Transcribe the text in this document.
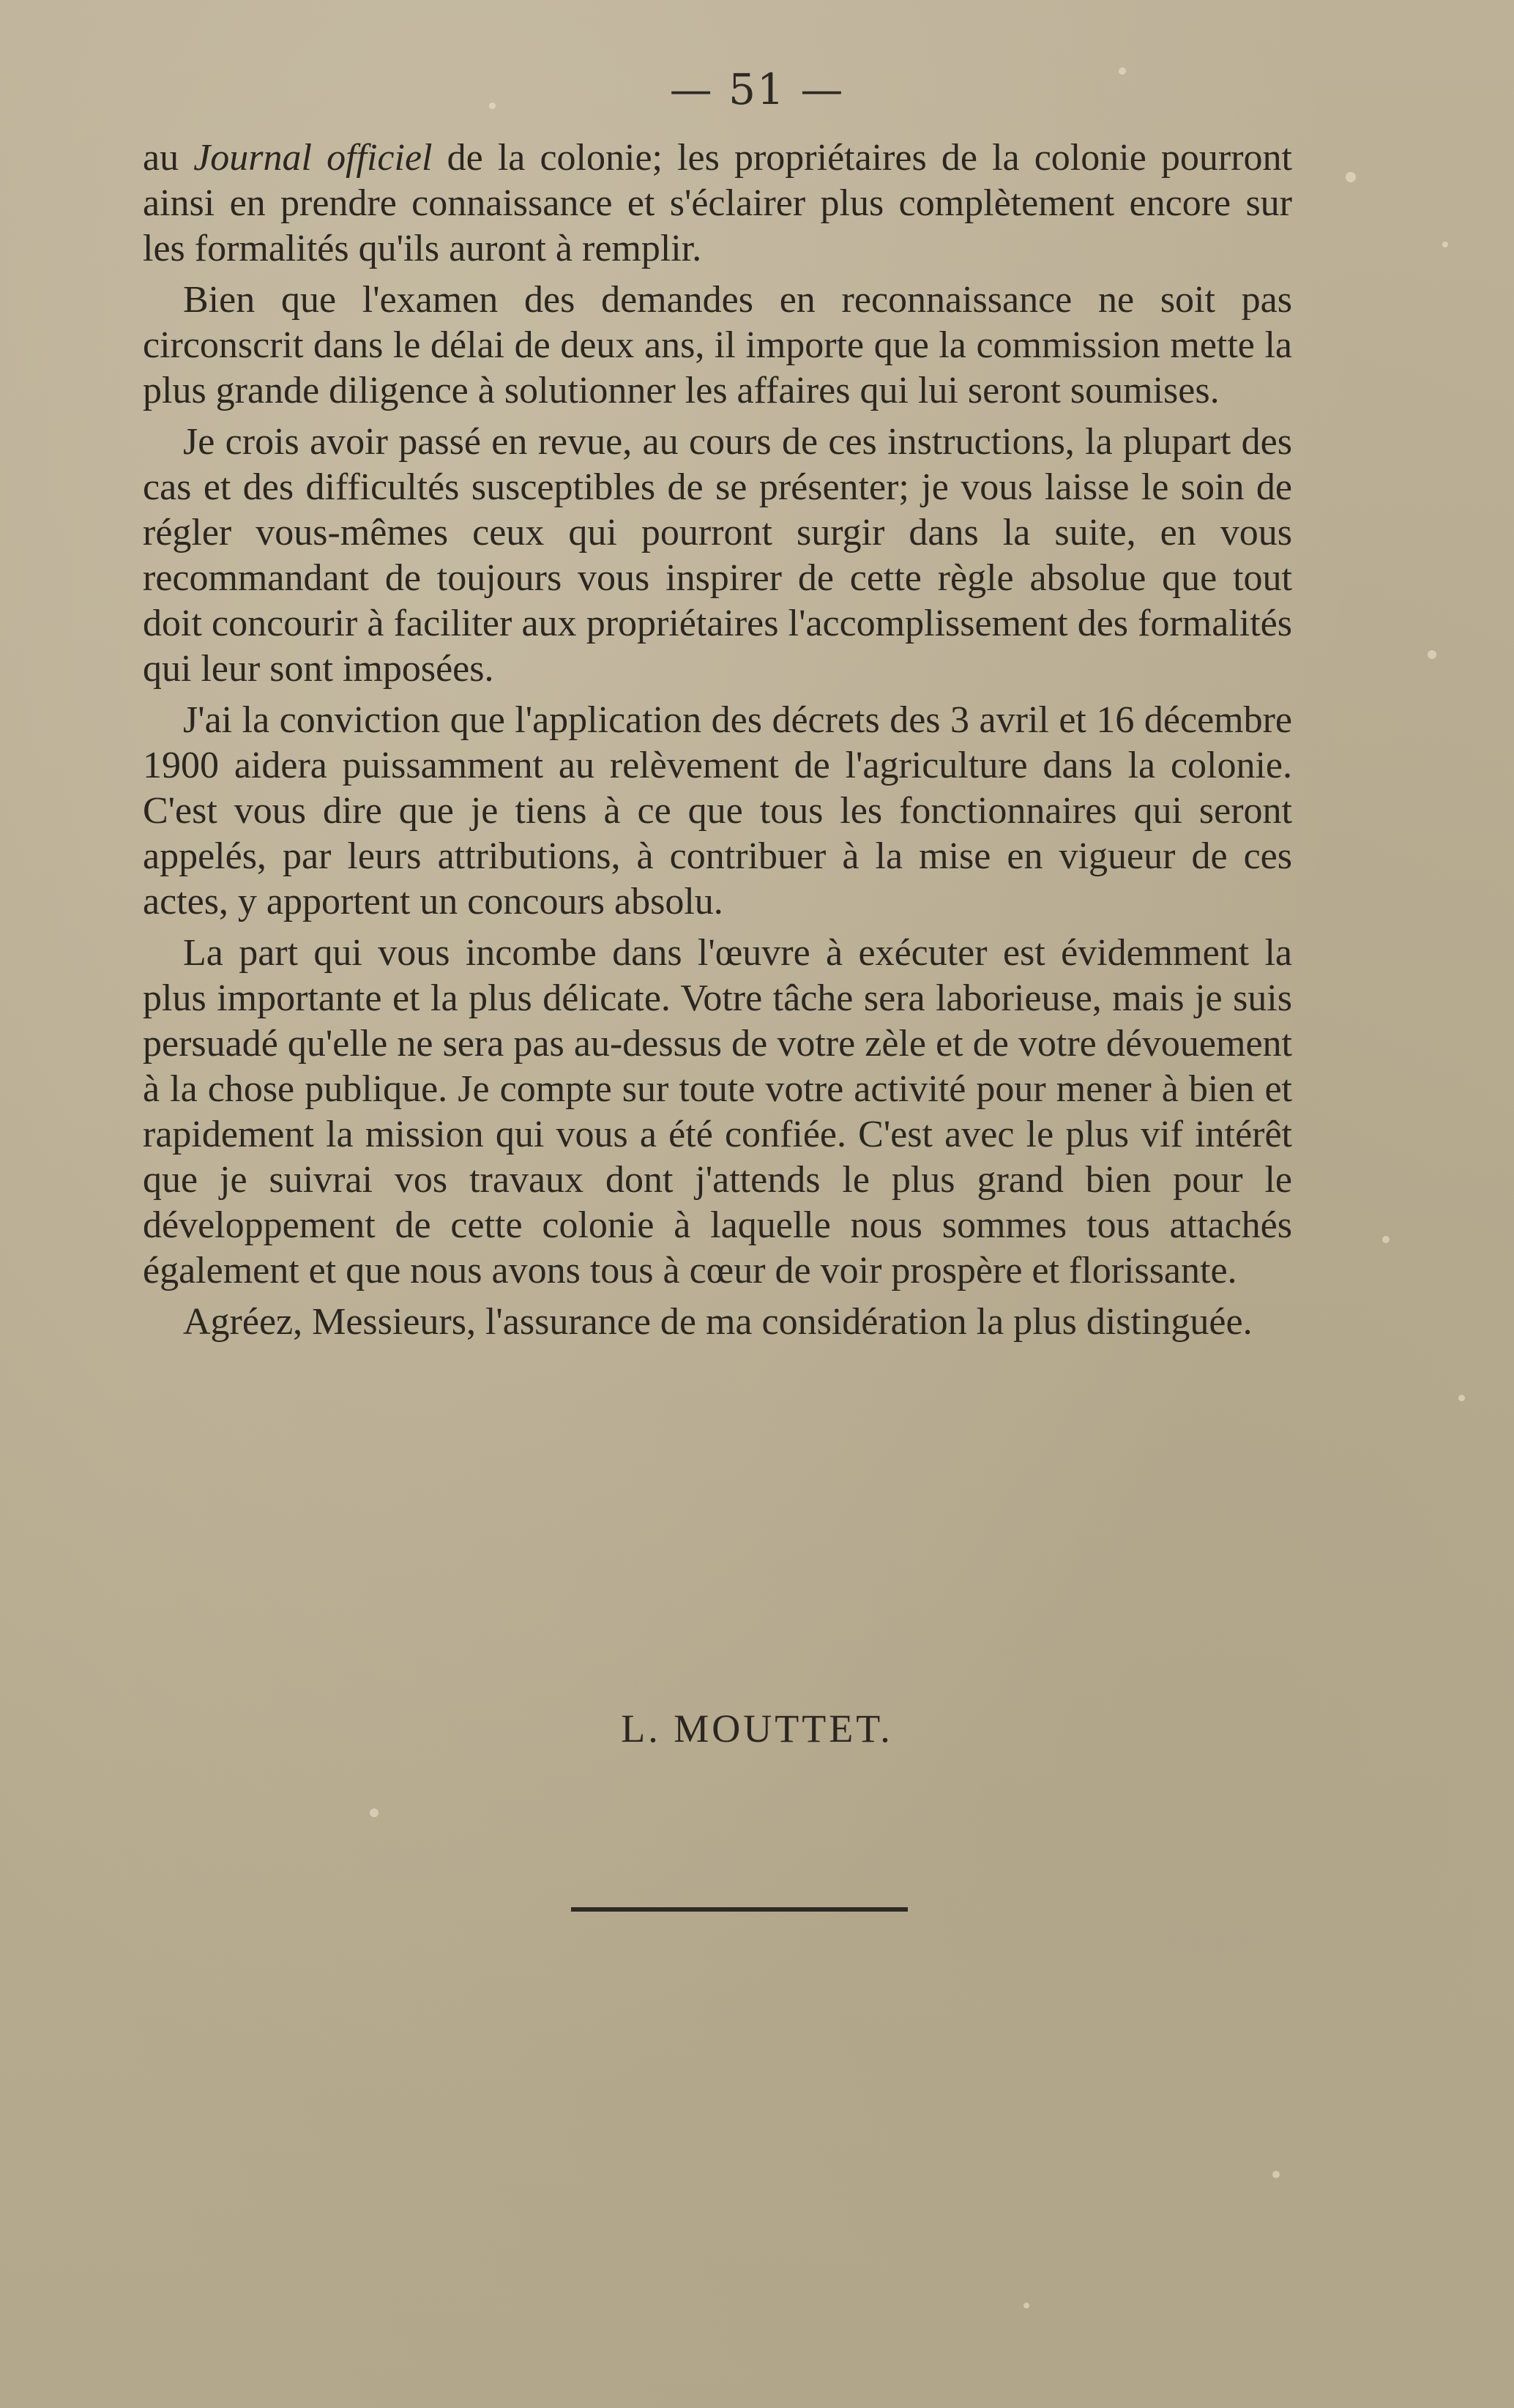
— 51 —

au Journal officiel de la colonie; les propriétaires de la colonie pourront ainsi en prendre connaissance et s'éclairer plus complètement encore sur les formalités qu'ils auront à remplir.

Bien que l'examen des demandes en reconnaissance ne soit pas circonscrit dans le délai de deux ans, il importe que la commission mette la plus grande diligence à solutionner les affaires qui lui seront soumises.

Je crois avoir passé en revue, au cours de ces instructions, la plupart des cas et des difficultés susceptibles de se présenter; je vous laisse le soin de régler vous-mêmes ceux qui pourront surgir dans la suite, en vous recommandant de toujours vous inspirer de cette règle absolue que tout doit concourir à faciliter aux propriétaires l'accomplissement des formalités qui leur sont imposées.

J'ai la conviction que l'application des décrets des 3 avril et 16 décembre 1900 aidera puissamment au relèvement de l'agriculture dans la colonie. C'est vous dire que je tiens à ce que tous les fonctionnaires qui seront appelés, par leurs attributions, à contribuer à la mise en vigueur de ces actes, y apportent un concours absolu.

La part qui vous incombe dans l'œuvre à exécuter est évidemment la plus importante et la plus délicate. Votre tâche sera laborieuse, mais je suis persuadé qu'elle ne sera pas au-dessus de votre zèle et de votre dévouement à la chose publique. Je compte sur toute votre activité pour mener à bien et rapidement la mission qui vous a été confiée. C'est avec le plus vif intérêt que je suivrai vos travaux dont j'attends le plus grand bien pour le développement de cette colonie à laquelle nous sommes tous attachés également et que nous avons tous à cœur de voir prospère et florissante.

Agréez, Messieurs, l'assurance de ma considération la plus distinguée.

L. MOUTTET.
